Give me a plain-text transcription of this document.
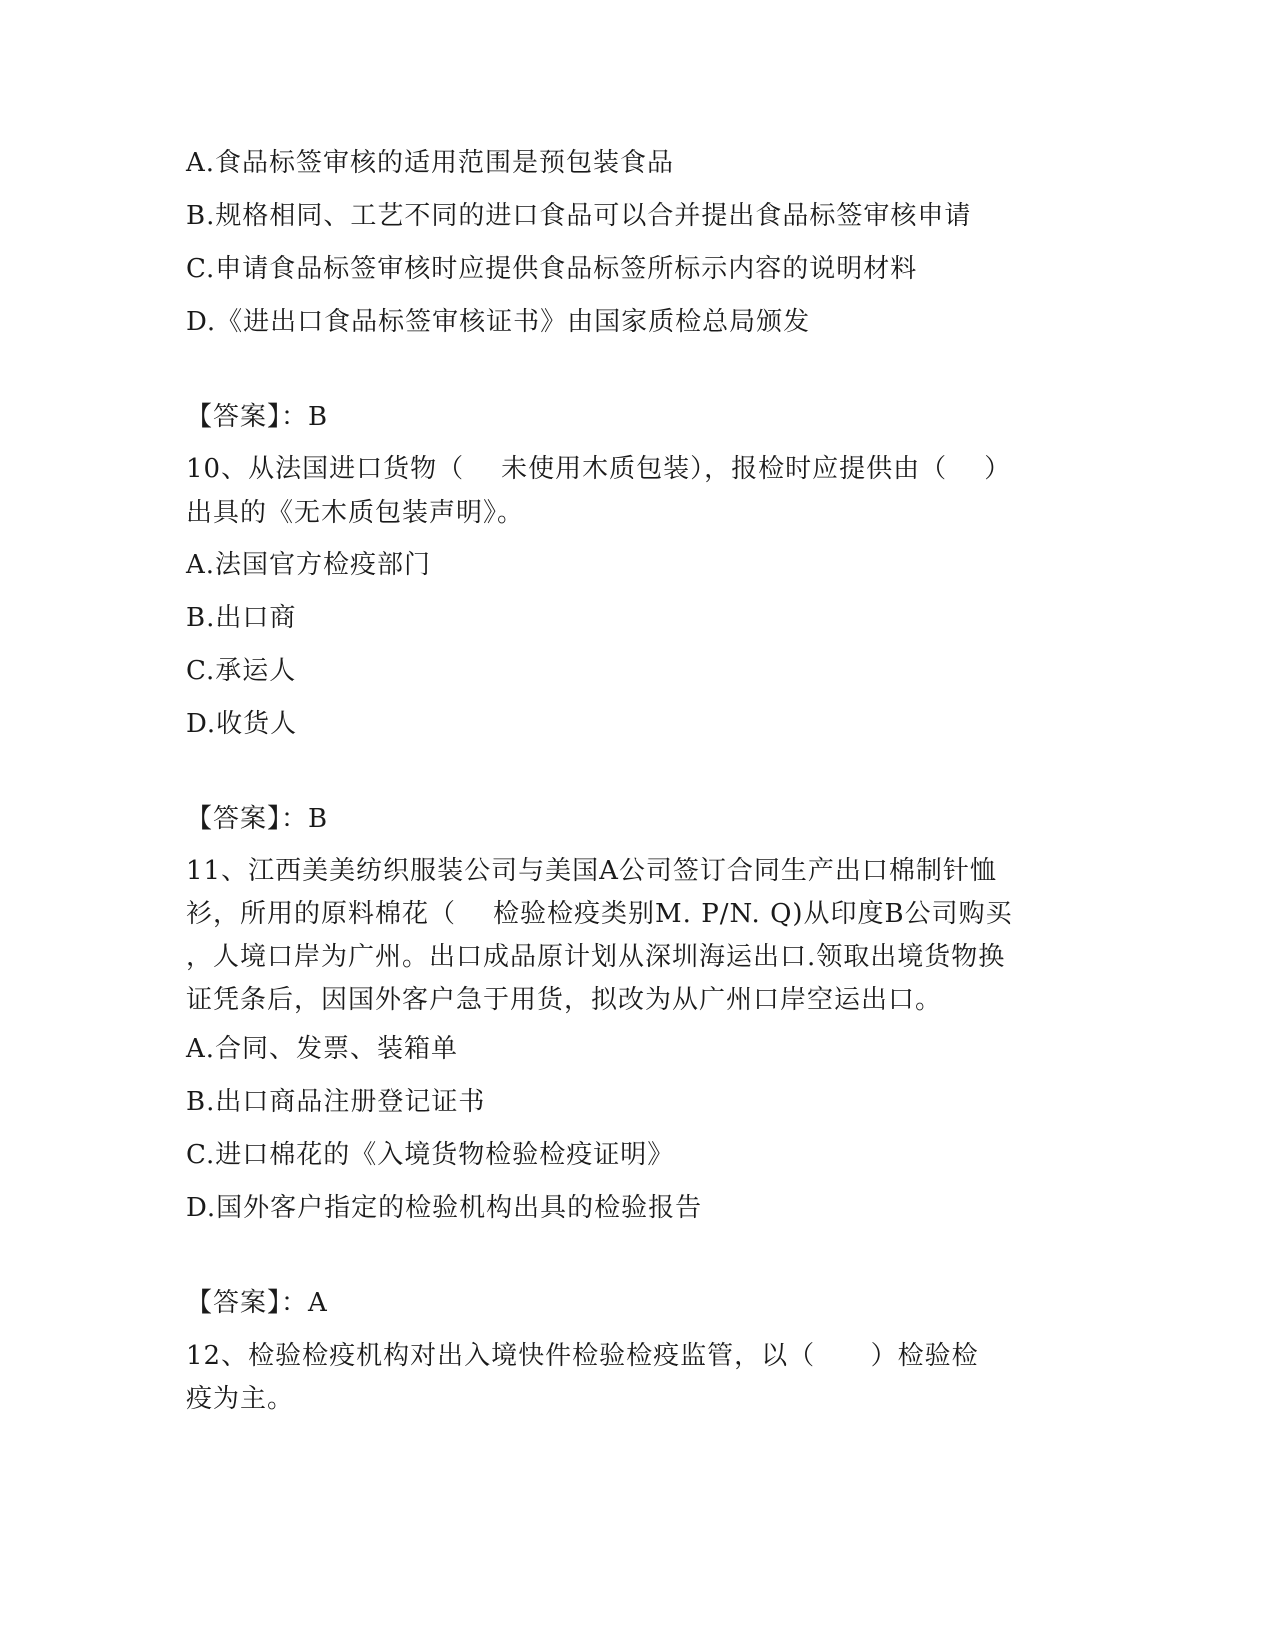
A.食品标签审核的适用范围是预包装食品
B.规格相同、工艺不同的进口食品可以合并提出食品标签审核申请
C.申请食品标签审核时应提供食品标签所标示内容的说明材料
D.《进出口食品标签审核证书》由国家质检总局颁发
【答案】：B
10、从法国进口货物（    未使用木质包装），报检时应提供由（    ）
出具的《无木质包装声明》。
A.法国官方检疫部门
B.出口商
C.承运人
D.收货人
【答案】：B
11、江西美美纺织服装公司与美国A公司签订合同生产出口棉制针恤
衫，所用的原料棉花（    检验检疫类别M. P/N. Q)从印度B公司购买
，人境口岸为广州。出口成品原计划从深圳海运出口.领取出境货物换
证凭条后，因国外客户急于用货，拟改为从广州口岸空运出口。
A.合同、发票、装箱单
B.出口商品注册登记证书
C.进口棉花的《入境货物检验检疫证明》
D.国外客户指定的检验机构出具的检验报告
【答案】：A
12、检验检疫机构对出入境快件检验检疫监管，以（      ）检验检
疫为主。
